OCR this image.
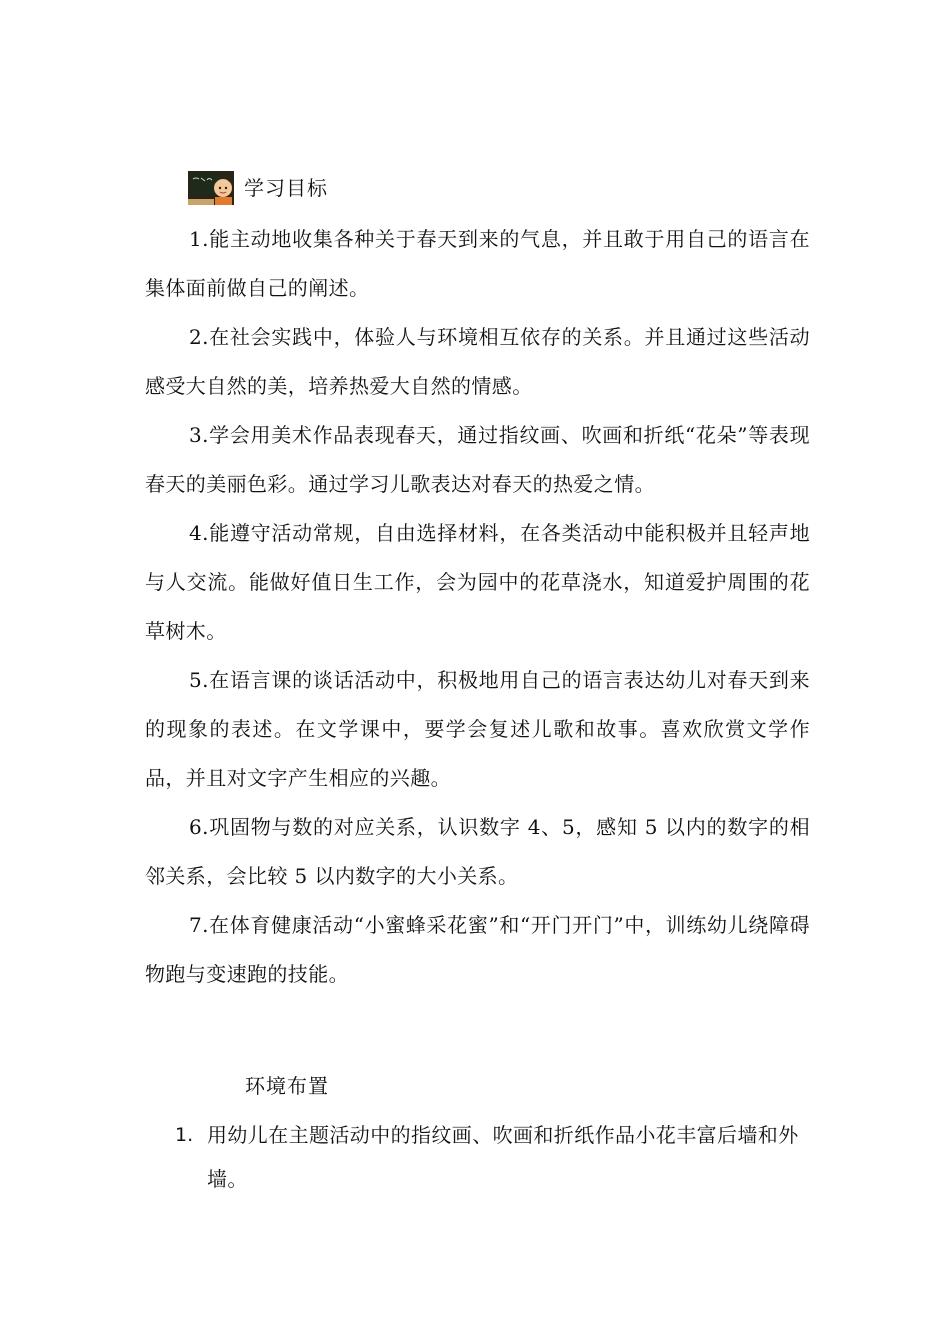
学习目标

1.能主动地收集各种关于春天到来的气息，并且敢于用自己的语言在集体面前做自己的阐述。

2.在社会实践中，体验人与环境相互依存的关系。并且通过这些活动感受大自然的美，培养热爱大自然的情感。

3.学会用美术作品表现春天，通过指纹画、吹画和折纸“花朵”等表现春天的美丽色彩。通过学习儿歌表达对春天的热爱之情。

4.能遵守活动常规，自由选择材料，在各类活动中能积极并且轻声地与人交流。能做好值日生工作，会为园中的花草浇水，知道爱护周围的花草树木。

5.在语言课的谈话活动中，积极地用自己的语言表达幼儿对春天到来的现象的表述。在文学课中，要学会复述儿歌和故事。喜欢欣赏文学作品，并且对文字产生相应的兴趣。

6.巩固物与数的对应关系，认识数字 4、5，感知 5 以内的数字的相邻关系，会比较 5 以内数字的大小关系。

7.在体育健康活动“小蜜蜂采花蜜”和“开门开门”中，训练幼儿绕障碍物跑与变速跑的技能。

环境布置
1. 用幼儿在主题活动中的指纹画、吹画和折纸作品小花丰富后墙和外墙。
